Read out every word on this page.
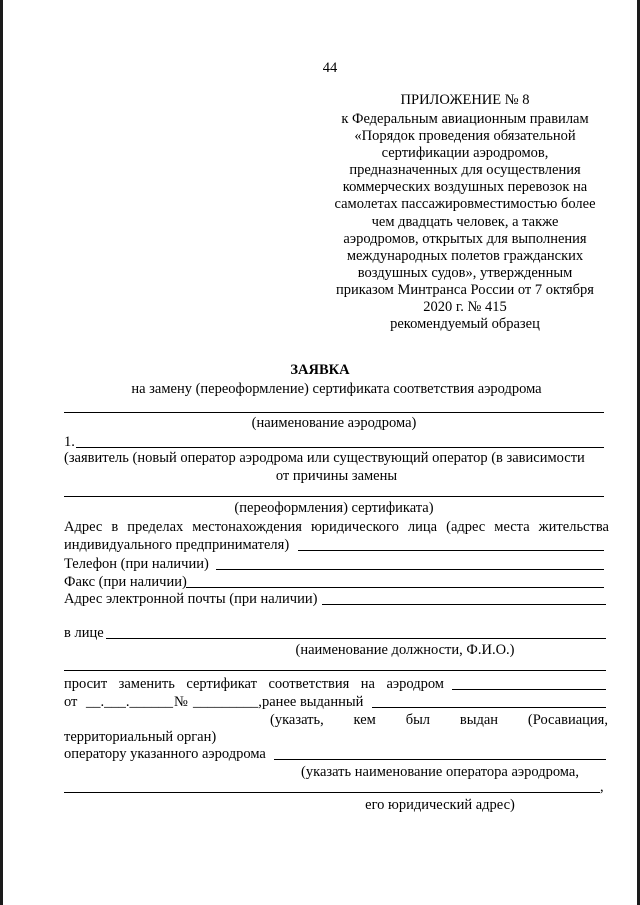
44
ПРИЛОЖЕНИЕ № 8
к Федеральным авиационным правилам
«Порядок проведения обязательной
сертификации аэродромов,
предназначенных для осуществления
коммерческих воздушных перевозок на
самолетах пассажировместимостью более
чем двадцать человек, а также
аэродромов, открытых для выполнения
международных полетов гражданских
воздушных судов», утвержденным
приказом Минтранса России от 7 октября
2020 г. № 415
рекомендуемый образец
ЗАЯВКА
на замену (переоформление) сертификата соответствия аэродрома
(наименование аэродрома)
1.
(заявитель (новый оператор аэродрома или существующий оператор (в зависимости
от причины замены
(переоформления) сертификата)
Адрес в пределах местонахождения юридического лица (адрес места жительства
индивидуального предпринимателя)
Телефон (при наличии)
Факс (при наличии)
Адрес электронной почты (при наличии)
в лице
(наименование должности, Ф.И.О.)
просит заменить сертификат соответствия на аэродром
от __.___.______ № _________, ранее выданный
(указать, кем был выдан (Росавиация,
территориальный орган)
оператору указанного аэродрома
(указать наименование оператора аэродрома,
,
его юридический адрес)
